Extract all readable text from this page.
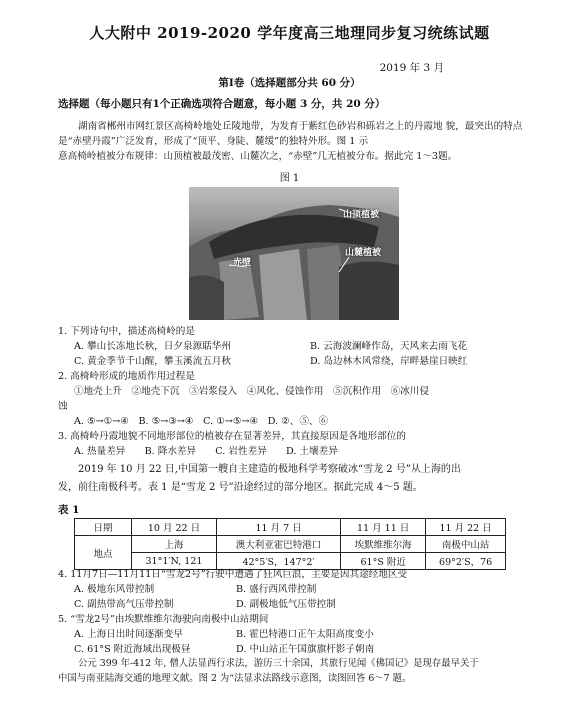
人大附中 2019-2020 学年度高三地理同步复习统练试题
2019 年 3 月
第Ⅰ卷（选择题部分共 60 分）
选择题（每小题只有1个正确选项符合题意，每小题 3 分，共 20 分）

湖南省郴州市网红景区高椅岭地处丘陵地带，为发育于紫红色砂岩和砾岩之上的丹霞地 貌，最突出的特点是“赤壁丹霞”广泛发育，形成了“顶平、身陡、麓缓”的独特外形。图 1 示

意高椅岭植被分布规律：山顶植被最茂密、山麓次之，“赤壁”几无植被分布。据此完 1～3题。

图 1
山顶植被
赤壁
山麓植被
1. 下列诗句中，描述高椅岭的是
A. 攀山长冻地长秋，日夕泉源聒华州	B. 云海波澜峰作岛，天风来去雨飞花
C. 黄金季节千山醒，攀玉溪流五月秋	D. 岛边林木风常绕，岸畔悬崖日映红
2. 高椅岭形成的地质作用过程是
①地壳上升　②地壳下沉　③岩浆侵入　④风化、侵蚀作用　⑤沉积作用　⑥冰川侵
蚀
A. ⑤→①→④　B. ⑤→③→④　C. ①→⑤→④　D. ②、⑤、⑥
3. 高椅岭丹霞地貌不同地形部位的植被存在显著差异，其直接原因是各地形部位的
A. 热量差异　　B. 降水差异　　C. 岩性差异　　D. 土壤差异

2019 年 10 月 22 日,中国第一艘自主建造的极地科学考察破冰“雪龙 2 号”从上海的出

发，前往南极科考。表 1 是“雪龙 2 号”沿途经过的部分地区。据此完成 4～5 题。

表 1
日期	10 月 22 日	11 月 7 日	11 月 11 日	11 月 22 日
地点	上海	澳大利亚霍巴特港口	埃默维维尔海	南极中山站
	31°1′N, 121	42°5′S，147°2′	61°S 附近	69°2′S，76
4. 11月7日—11月11日“雪龙2号”行驶中遭遇了狂风巨浪，主要是因其途经地区受
A. 极地东风带控制	B. 盛行西风带控制
C. 副热带高气压带控制	D. 副极地低气压带控制
5. “雪龙2号”由埃默维维尔海驶向南极中山站期间
A. 上海日出时间逐渐变早	B. 霍巴特港口正午太阳高度变小
C. 61°S 附近海域出现极昼	D. 中山站正午国旗旗杆影子朝南

公元 399 年-412 年, 僧人法显西行求法，游历三十余国，其旅行见闻《佛国记》是现存最早关于

中国与南亚陆海交通的地理文献。图 2 为“法显求法路线示意图，读图回答 6～7 题。
